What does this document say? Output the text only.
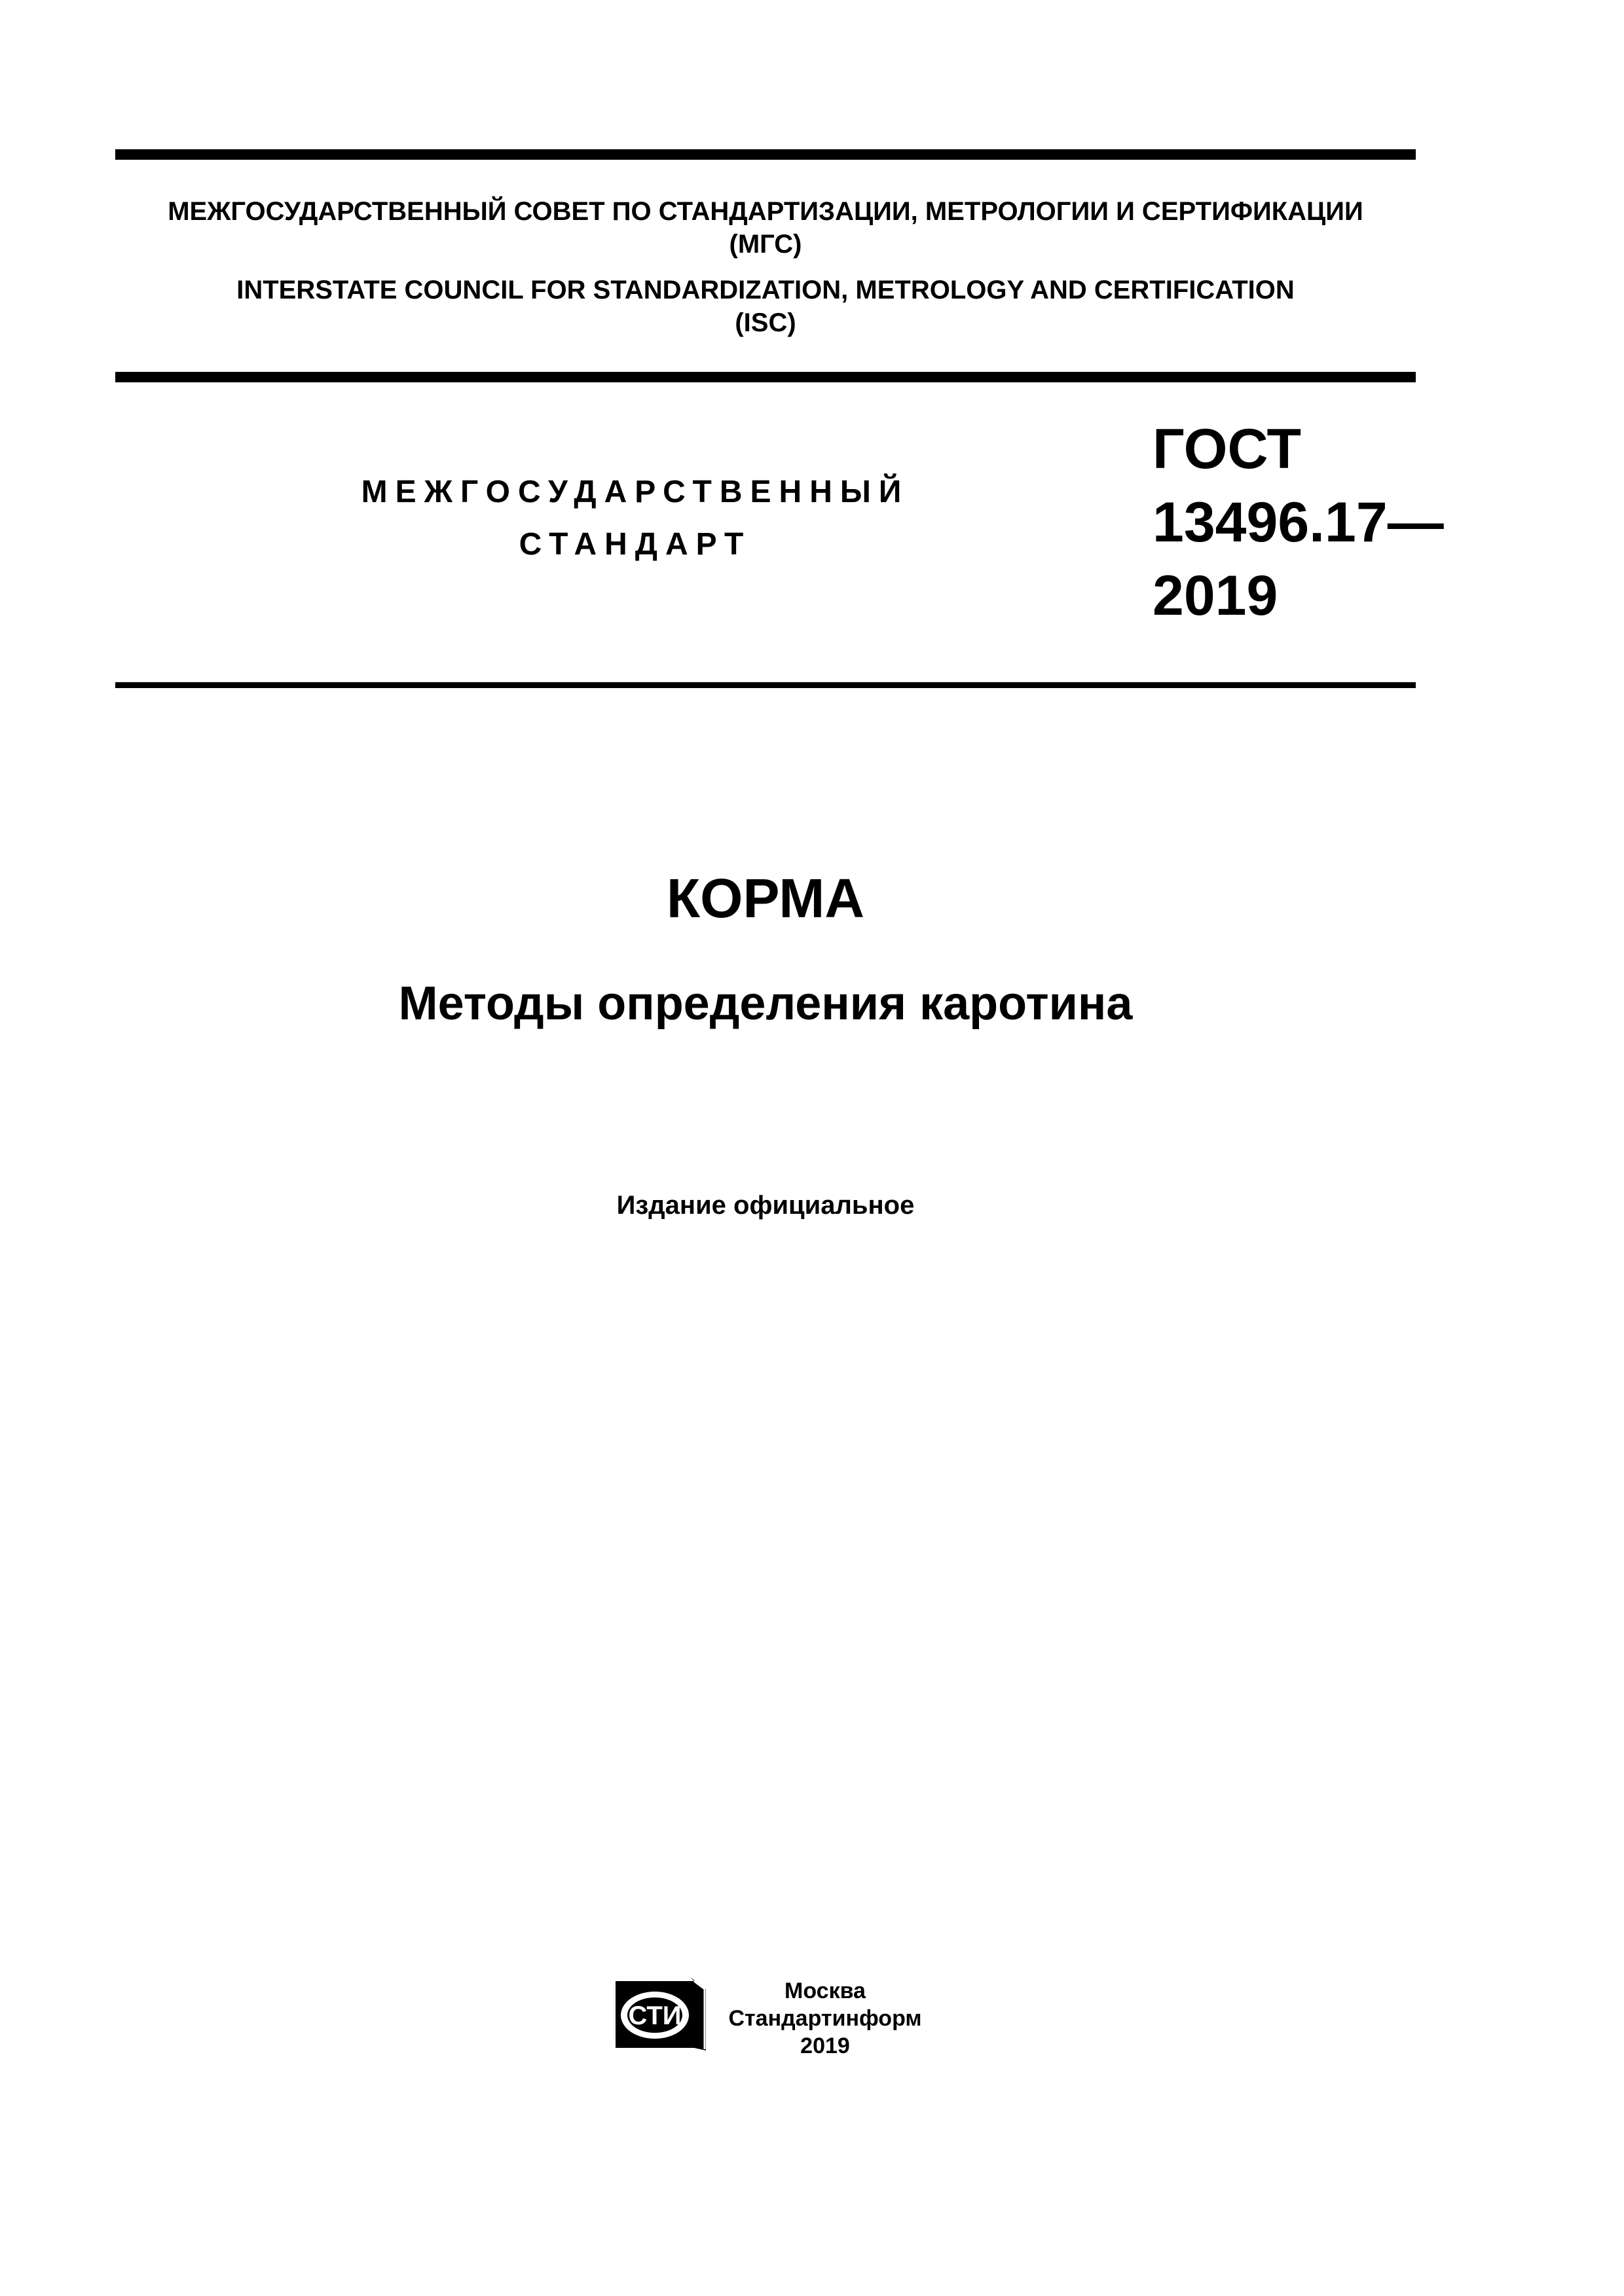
МЕЖГОСУДАРСТВЕННЫЙ СОВЕТ ПО СТАНДАРТИЗАЦИИ, МЕТРОЛОГИИ И СЕРТИФИКАЦИИ
(МГС)
INTERSTATE COUNCIL FOR STANDARDIZATION, METROLOGY AND CERTIFICATION
(ISC)
МЕЖГОСУДАРСТВЕННЫЙ
СТАНДАРТ
ГОСТ
13496.17—
2019
КОРМА
Методы определения каротина
Издание официальное
СТИ
Москва
Стандартинформ
2019
